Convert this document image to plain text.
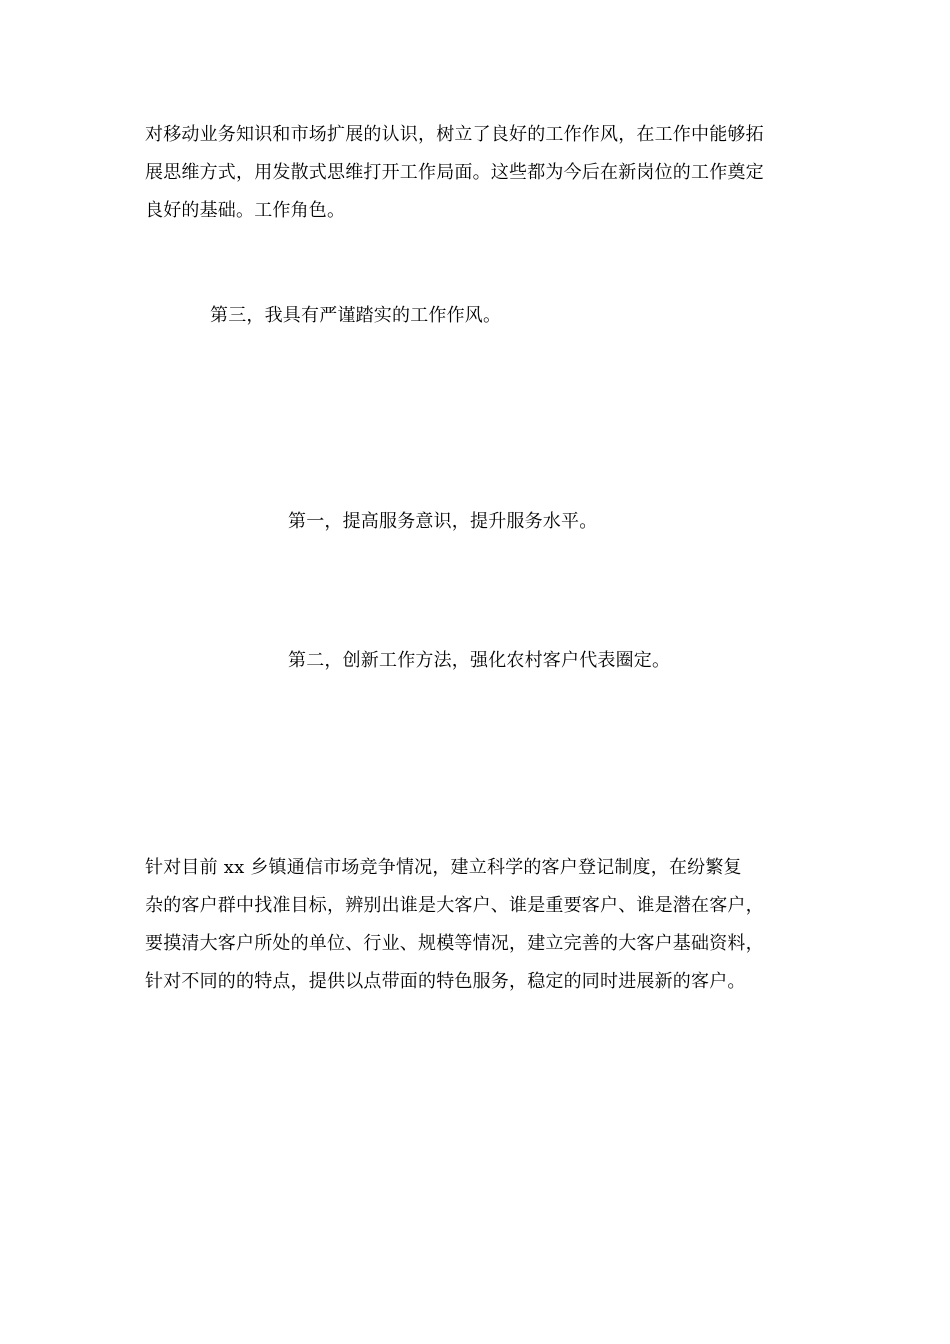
对移动业务知识和市场扩展的认识，树立了良好的工作作风，在工作中能够拓
展思维方式，用发散式思维打开工作局面。这些都为今后在新岗位的工作奠定
良好的基础。工作角色。
第三，我具有严谨踏实的工作作风。
第一，提高服务意识，提升服务水平。
第二，创新工作方法，强化农村客户代表圈定。
针对目前 xx 乡镇通信市场竞争情况，建立科学的客户登记制度，在纷繁复
杂的客户群中找准目标，辨别出谁是大客户、谁是重要客户、谁是潜在客户，
要摸清大客户所处的单位、行业、规模等情况，建立完善的大客户基础资料，
针对不同的的特点，提供以点带面的特色服务，稳定的同时进展新的客户。
